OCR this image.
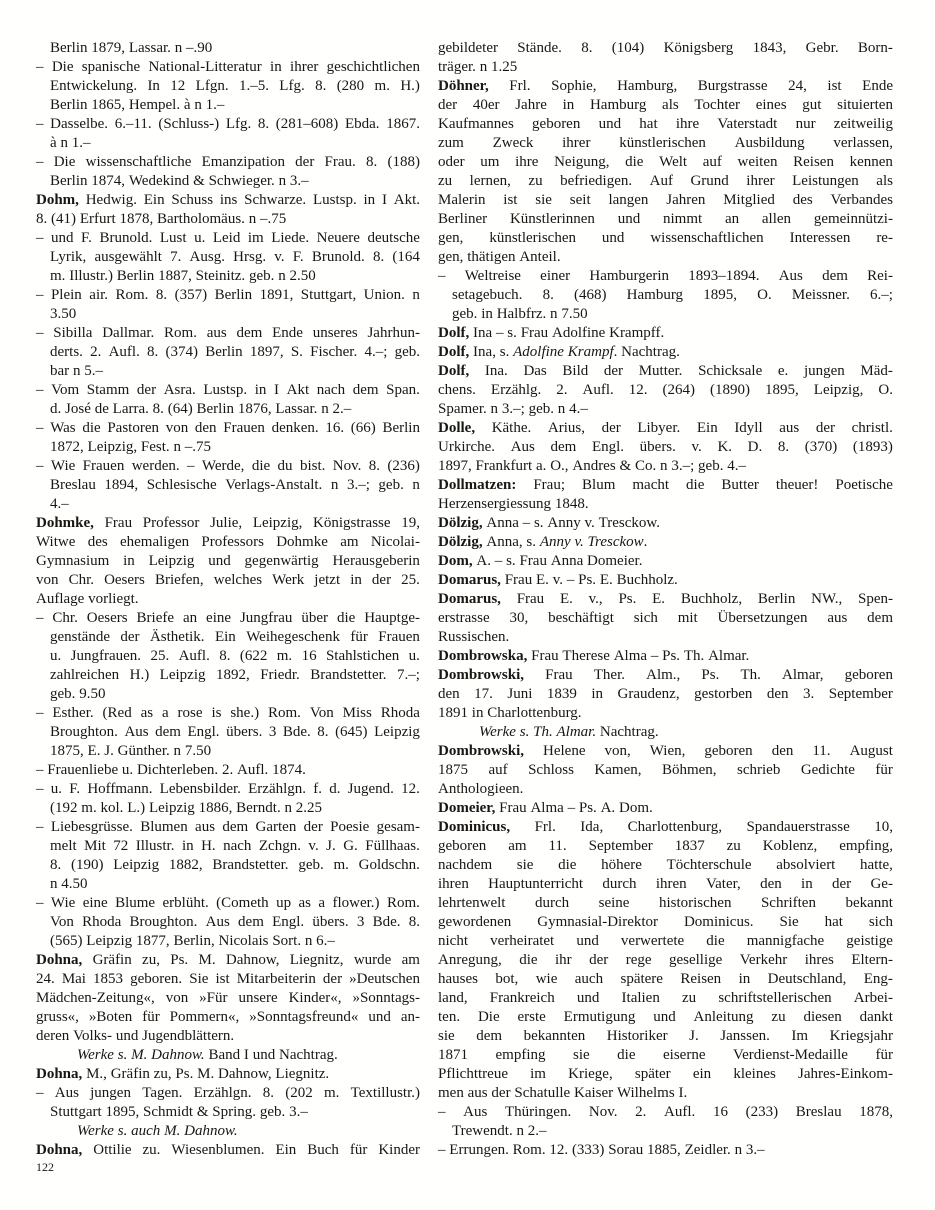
Berlin 1879, Lassar. n –.90
– Die spanische National-Litteratur in ihrer geschichtlichen
Entwickelung. In 12 Lfgn. 1.–5. Lfg. 8. (280 m. H.)
Berlin 1865, Hempel. à n 1.–
– Dasselbe. 6.–11. (Schluss-) Lfg. 8. (281–608) Ebda. 1867.
à n 1.–
– Die wissenschaftliche Emanzipation der Frau. 8. (188)
Berlin 1874, Wedekind & Schwieger. n 3.–
Dohm, Hedwig. Ein Schuss ins Schwarze. Lustsp. in I Akt.
8. (41) Erfurt 1878, Bartholomäus. n –.75
– und F. Brunold. Lust u. Leid im Liede. Neuere deutsche
Lyrik, ausgewählt 7. Ausg. Hrsg. v. F. Brunold. 8. (164
m. Illustr.) Berlin 1887, Steinitz. geb. n 2.50
– Plein air. Rom. 8. (357) Berlin 1891, Stuttgart, Union. n
3.50
– Sibilla Dallmar. Rom. aus dem Ende unseres Jahrhun-
derts. 2. Aufl. 8. (374) Berlin 1897, S. Fischer. 4.–; geb.
bar n 5.–
– Vom Stamm der Asra. Lustsp. in I Akt nach dem Span.
d. José de Larra. 8. (64) Berlin 1876, Lassar. n 2.–
– Was die Pastoren von den Frauen denken. 16. (66) Berlin
1872, Leipzig, Fest. n –.75
– Wie Frauen werden. – Werde, die du bist. Nov. 8. (236)
Breslau 1894, Schlesische Verlags-Anstalt. n 3.–; geb. n
4.–
Dohmke, Frau Professor Julie, Leipzig, Königstrasse 19,
Witwe des ehemaligen Professors Dohmke am Nicolai-
Gymnasium in Leipzig und gegenwärtig Herausgeberin
von Chr. Oesers Briefen, welches Werk jetzt in der 25.
Auflage vorliegt.
– Chr. Oesers Briefe an eine Jungfrau über die Hauptge-
genstände der Ästhetik. Ein Weihegeschenk für Frauen
u. Jungfrauen. 25. Aufl. 8. (622 m. 16 Stahlstichen u.
zahlreichen H.) Leipzig 1892, Friedr. Brandstetter. 7.–;
geb. 9.50
– Esther. (Red as a rose is she.) Rom. Von Miss Rhoda
Broughton. Aus dem Engl. übers. 3 Bde. 8. (645) Leipzig
1875, E. J. Günther. n 7.50
– Frauenliebe u. Dichterleben. 2. Aufl. 1874.
– u. F. Hoffmann. Lebensbilder. Erzählgn. f. d. Jugend. 12.
(192 m. kol. L.) Leipzig 1886, Berndt. n 2.25
– Liebesgrüsse. Blumen aus dem Garten der Poesie gesam-
melt Mit 72 Illustr. in H. nach Zchgn. v. J. G. Füllhaas.
8. (190) Leipzig 1882, Brandstetter. geb. m. Goldschn.
n 4.50
– Wie eine Blume erblüht. (Cometh up as a flower.) Rom.
Von Rhoda Broughton. Aus dem Engl. übers. 3 Bde. 8.
(565) Leipzig 1877, Berlin, Nicolais Sort. n 6.–
Dohna, Gräfin zu, Ps. M. Dahnow, Liegnitz, wurde am
24. Mai 1853 geboren. Sie ist Mitarbeiterin der »Deutschen
Mädchen-Zeitung«, von »Für unsere Kinder«, »Sonntags-
gruss«, »Boten für Pommern«, »Sonntagsfreund« und an-
deren Volks- und Jugendblättern.
Werke s. M. Dahnow. Band I und Nachtrag.
Dohna, M., Gräfin zu, Ps. M. Dahnow, Liegnitz.
– Aus jungen Tagen. Erzählgn. 8. (202 m. Textillustr.)
Stuttgart 1895, Schmidt & Spring. geb. 3.–
Werke s. auch M. Dahnow.
Dohna, Ottilie zu. Wiesenblumen. Ein Buch für Kinder
gebildeter Stände. 8. (104) Königsberg 1843, Gebr. Born-
träger. n 1.25
Döhner, Frl. Sophie, Hamburg, Burgstrasse 24, ist Ende
der 40er Jahre in Hamburg als Tochter eines gut situierten
Kaufmannes geboren und hat ihre Vaterstadt nur zeitweilig
zum Zweck ihrer künstlerischen Ausbildung verlassen,
oder um ihre Neigung, die Welt auf weiten Reisen kennen
zu lernen, zu befriedigen. Auf Grund ihrer Leistungen als
Malerin ist sie seit langen Jahren Mitglied des Verbandes
Berliner Künstlerinnen und nimmt an allen gemeinnützi-
gen, künstlerischen und wissenschaftlichen Interessen re-
gen, thätigen Anteil.
– Weltreise einer Hamburgerin 1893–1894. Aus dem Rei-
setagebuch. 8. (468) Hamburg 1895, O. Meissner. 6.–;
geb. in Halbfrz. n 7.50
Dolf, Ina – s. Frau Adolfine Krampff.
Dolf, Ina, s. Adolfine Krampf. Nachtrag.
Dolf, Ina. Das Bild der Mutter. Schicksale e. jungen Mäd-
chens. Erzählg. 2. Aufl. 12. (264) (1890) 1895, Leipzig, O.
Spamer. n 3.–; geb. n 4.–
Dolle, Käthe. Arius, der Libyer. Ein Idyll aus der christl.
Urkirche. Aus dem Engl. übers. v. K. D. 8. (370) (1893)
1897, Frankfurt a. O., Andres & Co. n 3.–; geb. 4.–
Dollmatzen: Frau; Blum macht die Butter theuer! Poetische
Herzensergiessung 1848.
Dölzig, Anna – s. Anny v. Tresckow.
Dölzig, Anna, s. Anny v. Tresckow.
Dom, A. – s. Frau Anna Domeier.
Domarus, Frau E. v. – Ps. E. Buchholz.
Domarus, Frau E. v., Ps. E. Buchholz, Berlin NW., Spen-
erstrasse 30, beschäftigt sich mit Übersetzungen aus dem
Russischen.
Dombrowska, Frau Therese Alma – Ps. Th. Almar.
Dombrowski, Frau Ther. Alm., Ps. Th. Almar, geboren
den 17. Juni 1839 in Graudenz, gestorben den 3. September
1891 in Charlottenburg.
Werke s. Th. Almar. Nachtrag.
Dombrowski, Helene von, Wien, geboren den 11. August
1875 auf Schloss Kamen, Böhmen, schrieb Gedichte für
Anthologieen.
Domeier, Frau Alma – Ps. A. Dom.
Dominicus, Frl. Ida, Charlottenburg, Spandauerstrasse 10,
geboren am 11. September 1837 zu Koblenz, empfing,
nachdem sie die höhere Töchterschule absolviert hatte,
ihren Hauptunterricht durch ihren Vater, den in der Ge-
lehrtenwelt durch seine historischen Schriften bekannt
gewordenen Gymnasial-Direktor Dominicus. Sie hat sich
nicht verheiratet und verwertete die mannigfache geistige
Anregung, die ihr der rege gesellige Verkehr ihres Eltern-
hauses bot, wie auch spätere Reisen in Deutschland, Eng-
land, Frankreich und Italien zu schriftstellerischen Arbei-
ten. Die erste Ermutigung und Anleitung zu diesen dankt
sie dem bekannten Historiker J. Janssen. Im Kriegsjahr
1871 empfing sie die eiserne Verdienst-Medaille für
Pflichttreue im Kriege, später ein kleines Jahres-Einkom-
men aus der Schatulle Kaiser Wilhelms I.
– Aus Thüringen. Nov. 2. Aufl. 16 (233) Breslau 1878,
Trewendt. n 2.–
– Errungen. Rom. 12. (333) Sorau 1885, Zeidler. n 3.–
122
